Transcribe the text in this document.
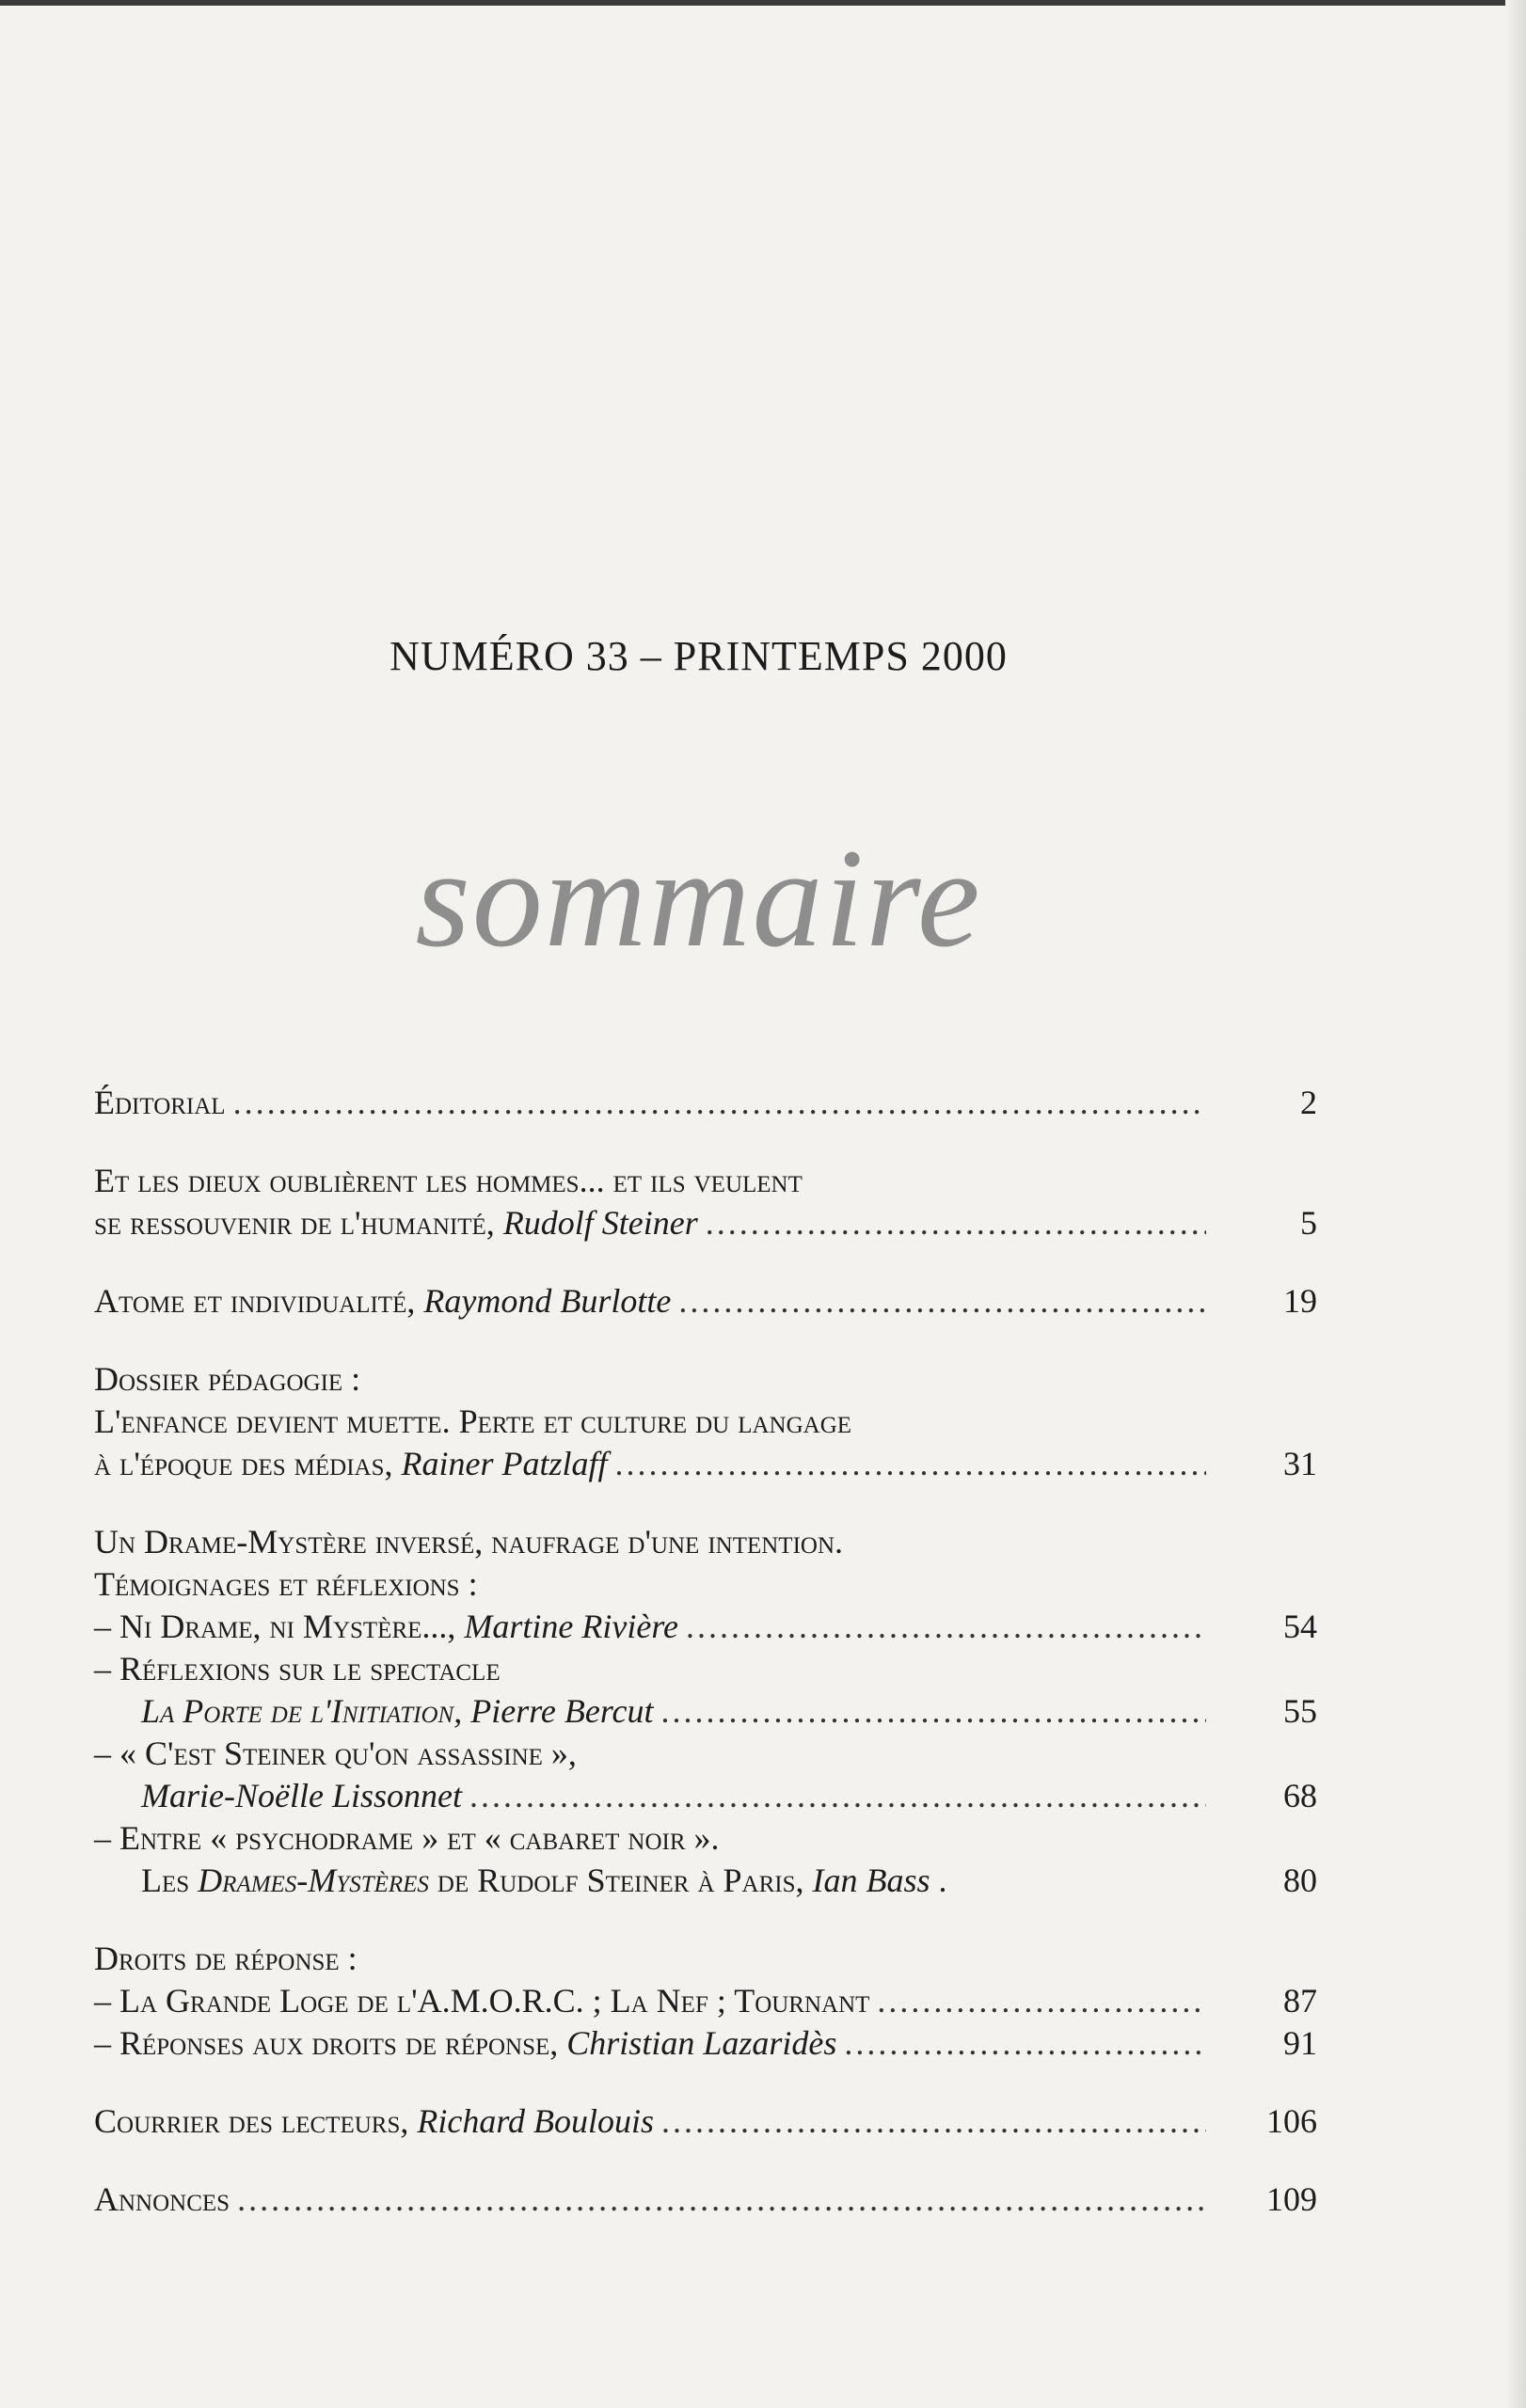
NUMÉRO 33 – PRINTEMPS 2000
sommaire
Éditorial .....	2
Et les dieux oublièrent les hommes... et ils veulent
se ressouvenir de l'humanité, Rudolf Steiner .....	5
Atome et individualité, Raymond Burlotte .....	19
Dossier pédagogie :
L'enfance devient muette. Perte et culture du langage
à l'époque des médias, Rainer Patzlaff .....	31
Un Drame-Mystère inversé, naufrage d'une intention.
Témoignages et réflexions :
– Ni Drame, ni Mystère..., Martine Rivière .....	54
– Réflexions sur le spectacle
La Porte de l'Initiation, Pierre Bercut .....	55
– « C'est Steiner qu'on assassine »,
Marie-Noëlle Lissonnet .....	68
– Entre « psychodrame » et « cabaret noir ».
Les Drames-Mystères de Rudolf Steiner à Paris, Ian Bass .	80
Droits de réponse :
– La Grande Loge de l'A.M.O.R.C. ; La Nef ; Tournant .....	87
– Réponses aux droits de réponse, Christian Lazaridès .....	91
Courrier des lecteurs, Richard Boulouis .....	106
Annonces .....	109
